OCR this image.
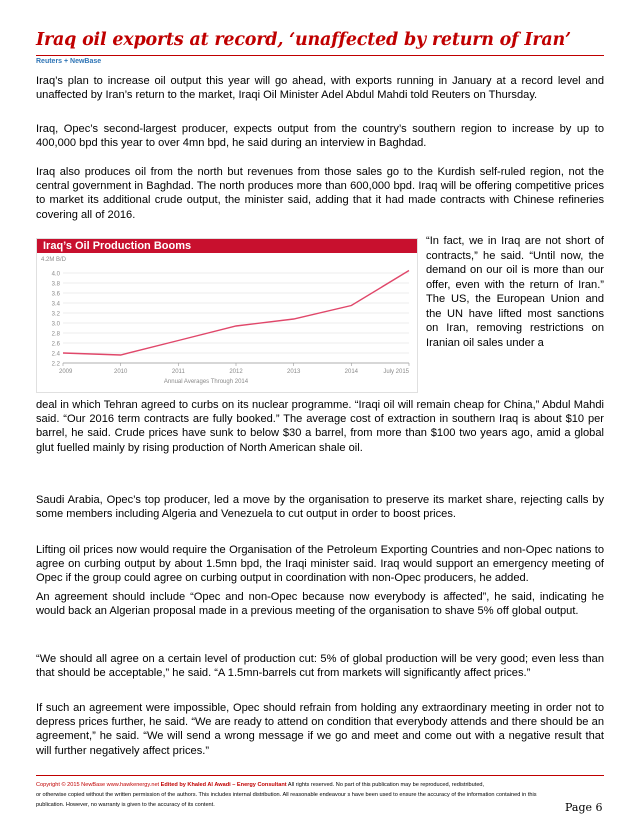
Iraq oil exports at record, ‘unaffected by return of Iran’
Reuters + NewBase

Iraq’s plan to increase oil output this year will go ahead, with exports running in January at a record level and unaffected by Iran’s return to the market, Iraqi Oil Minister Adel Abdul Mahdi told Reuters on Thursday.

Iraq, Opec’s second-largest producer, expects output from the country’s southern region to increase by up to 400,000 bpd this year to over 4mn bpd, he said during an interview in Baghdad.

Iraq also produces oil from the north but revenues from those sales go to the Kurdish self-ruled region, not the central government in Baghdad. The north produces more than 600,000 bpd. Iraq will be offering competitive prices to market its additional crude output, the minister said, adding that it had made contracts with Chinese refineries covering all of 2016.

Iraq’s Oil Production Booms
4.0
3.8
3.6
3.4
3.2
3.0
2.8
2.6
2.4
2.2
4.2M B/D
2009	2010	2011	2012	2013	2014	July 2015
Annual Averages Through 2014

“In fact, we in Iraq are not short of contracts,” he said. “Until now, the demand on our oil is more than our offer, even with the return of Iran.” The US, the European Union and the UN have lifted most sanctions on Iran, removing restrictions on Iranian oil sales under a

deal in which Tehran agreed to curbs on its nuclear programme. “Iraqi oil will remain cheap for China,” Abdul Mahdi said. “Our 2016 term contracts are fully booked.” The average cost of extraction in southern Iraq is about $10 per barrel, he said. Crude prices have sunk to below $30 a barrel, from more than $100 two years ago, amid a global glut fuelled mainly by rising production of North American shale oil.

Saudi Arabia, Opec’s top producer, led a move by the organisation to preserve its market share, rejecting calls by some members including Algeria and Venezuela to cut output in order to boost prices.

Lifting oil prices now would require the Organisation of the Petroleum Exporting Countries and non-Opec nations to agree on curbing output by about 1.5mn bpd, the Iraqi minister said. Iraq would support an emergency meeting of Opec if the group could agree on curbing output in coordination with non-Opec producers, he added.

An agreement should include “Opec and non-Opec because now everybody is affected”, he said, indicating he would back an Algerian proposal made in a previous meeting of the organisation to shave 5% off global output.

“We should all agree on a certain level of production cut: 5% of global production will be very good; even less than that should be acceptable,” he said. “A 1.5mn-barrels cut from markets will significantly affect prices.”

If such an agreement were impossible, Opec should refrain from holding any extraordinary meeting in order not to depress prices further, he said. “We are ready to attend on condition that everybody attends and there should be an agreement,” he said. “We will send a wrong message if we go and meet and come out with a negative result that will further negatively affect prices.”

Copyright © 2015 NewBase www.hawkenergy.net Edited by Khaled Al Awadi – Energy Consultant All rights reserved. No part of this publication may be reproduced, redistributed,
or otherwise copied without the written permission of the authors. This includes internal distribution. All reasonable endeavour s have been used to ensure the accuracy of the information contained in this
publication. However, no warranty is given to the accuracy of its content.	Page 6
